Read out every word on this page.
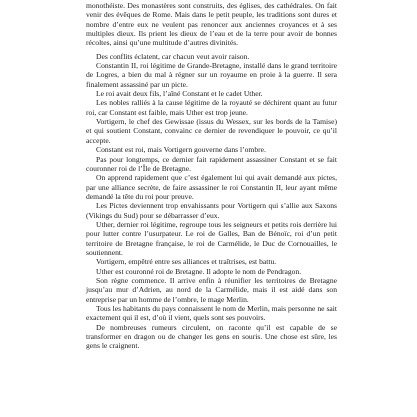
monothéiste. Des monastères sont construits, des églises, des cathédrales. On fait venir des évêques de Rome. Mais dans le petit peuple, les traditions sont dures et nombre d’entre eux ne veulent pas renoncer aux anciennes croyances et à ses multiples dieux. Ils prient les dieux de l’eau et de la terre pour avoir de bonnes récoltes, ainsi qu’une multitude d’autres divinités.

Des conflits éclatent, car chacun veut avoir raison.

Constantin II, roi légitime de Grande-Bretagne, installé dans le grand territoire de Logres, a bien du mal à régner sur un royaume en proie à la guerre. Il sera finalement assassiné par un picte.

Le roi avait deux fils, l’aîné Constant et le cadet Uther.

Les nobles ralliés à la cause légitime de la royauté se déchirent quant au futur roi, car Constant est faible, mais Uther est trop jeune.

Vortigern, le chef des Gewissae (issus du Wessex, sur les bords de la Tamise) et qui soutient Constant, convainc ce dernier de revendiquer le pouvoir, ce qu’il accepte.

Constant est roi, mais Vortigern gouverne dans l’ombre.

Pas pour longtemps, ce dernier fait rapidement assassiner Constant et se fait couronner roi de l’Île de Bretagne.

On apprend rapidement que c’est également lui qui avait demandé aux pictes, par une alliance secrète, de faire assassiner le roi Constantin II, leur ayant même demandé la tête du roi pour preuve.

Les Pictes deviennent trop envahissants pour Vortigern qui s’allie aux Saxons (Vikings du Sud) pour se débarrasser d’eux.

Uther, dernier roi légitime, regroupe tous les seigneurs et petits rois derrière lui pour lutter contre l’usurpateur. Le roi de Galles, Ban de Bénoïc, roi d’un petit territoire de Bretagne française, le roi de Carmélide, le Duc de Cornouailles, le soutiennent.

Vortigern, empêtré entre ses alliances et traîtrises, est battu.

Uther est couronné roi de Bretagne. Il adopte le nom de Pendragon.

Son règne commence. Il arrive enfin à réunifier les territoires de Bretagne jusqu’au mur d’Adrien, au nord de la Carmélide, mais il est aidé dans son entreprise par un homme de l’ombre, le mage Merlin.

Tous les habitants du pays connaissent le nom de Merlin, mais personne ne sait exactement qui il est, d’où il vient, quels sont ses pouvoirs.

De nombreuses rumeurs circulent, on raconte qu’il est capable de se transformer en dragon ou de changer les gens en souris. Une chose est sûre, les gens le craignent.
